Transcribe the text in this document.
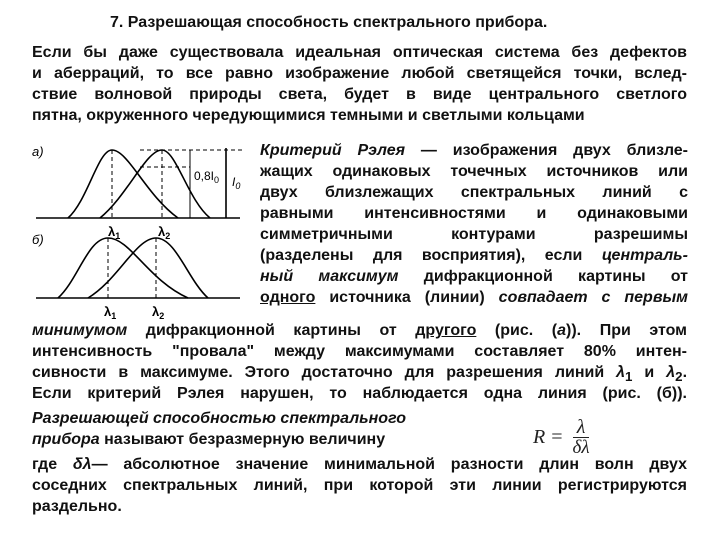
7. Разрешающая способность спектрального прибора.
Если бы даже существовала идеальная оптическая система без дефектов
и аберраций, то все равно изображение любой светящейся точки, вслед-
ствие волновой природы света, будет в виде центрального светлого
пятна, окруженного чередующимися темными и светлыми кольцами
а)
б)
$0,8I_0$ $I_0$
$\lambda_1$	$\lambda_2$
$\lambda_1$	$\lambda_2$
Критерий Рэлея — изображения двух близле-
жащих одинаковых точечных источников или
двух близлежащих спектральных линий с
равными интенсивностями и одинаковыми
симметричными контурами разрешимы
(разделены для восприятия), если централь-
ный максимум дифракционной картины от
одного источника (линии) совпадает с первым
минимумом дифракционной картины от другого (рис. (а)). При этом
интенсивность "провала" между максимумами составляет 80% интен-
сивности в максимуме. Этого достаточно для разрешения линий $\lambda_1$ и $\lambda_2$.
Если критерий Рэлея нарушен, то наблюдается одна линия (рис. (б)).
Разрешающей способностью спектрального
прибора называют безразмерную величину
где δλ— абсолютное значение минимальной разности длин волн двух
соседних спектральных линий, при которой эти линии регистрируются
раздельно.
$R = \frac{\lambda}{\delta\lambda}$
